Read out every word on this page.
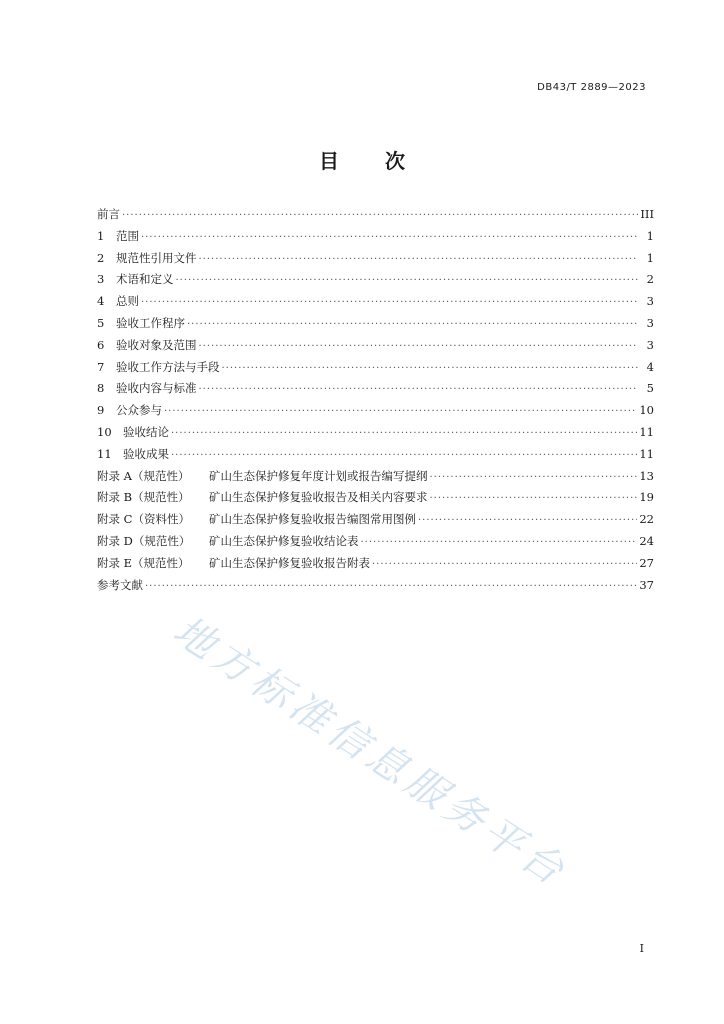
DB43/T 2889—2023
目 次
前言 ·····	III
1	范围 ·····	1
2	规范性引用文件 ·····	1
3	术语和定义 ·····	2
4	总则 ·····	3
5	验收工作程序 ·····	3
6	验收对象及范围 ·····	3
7	验收工作方法与手段 ·····	4
8	验收内容与标准 ·····	5
9	公众参与 ·····	10
10 验收结论 ·····	11
11 验收成果 ·····	11
附录 A（规范性）	矿山生态保护修复年度计划或报告编写提纲 ·····	13
附录 B（规范性）	矿山生态保护修复验收报告及相关内容要求 ·····	19
附录 C（资料性）	矿山生态保护修复验收报告编图常用图例 ·····	22
附录 D（规范性）	矿山生态保护修复验收结论表 ·····	24
附录 E（规范性）	矿山生态保护修复验收报告附表 ·····	27
参考文献 ·····	37
地方标准信息服务平台
I
